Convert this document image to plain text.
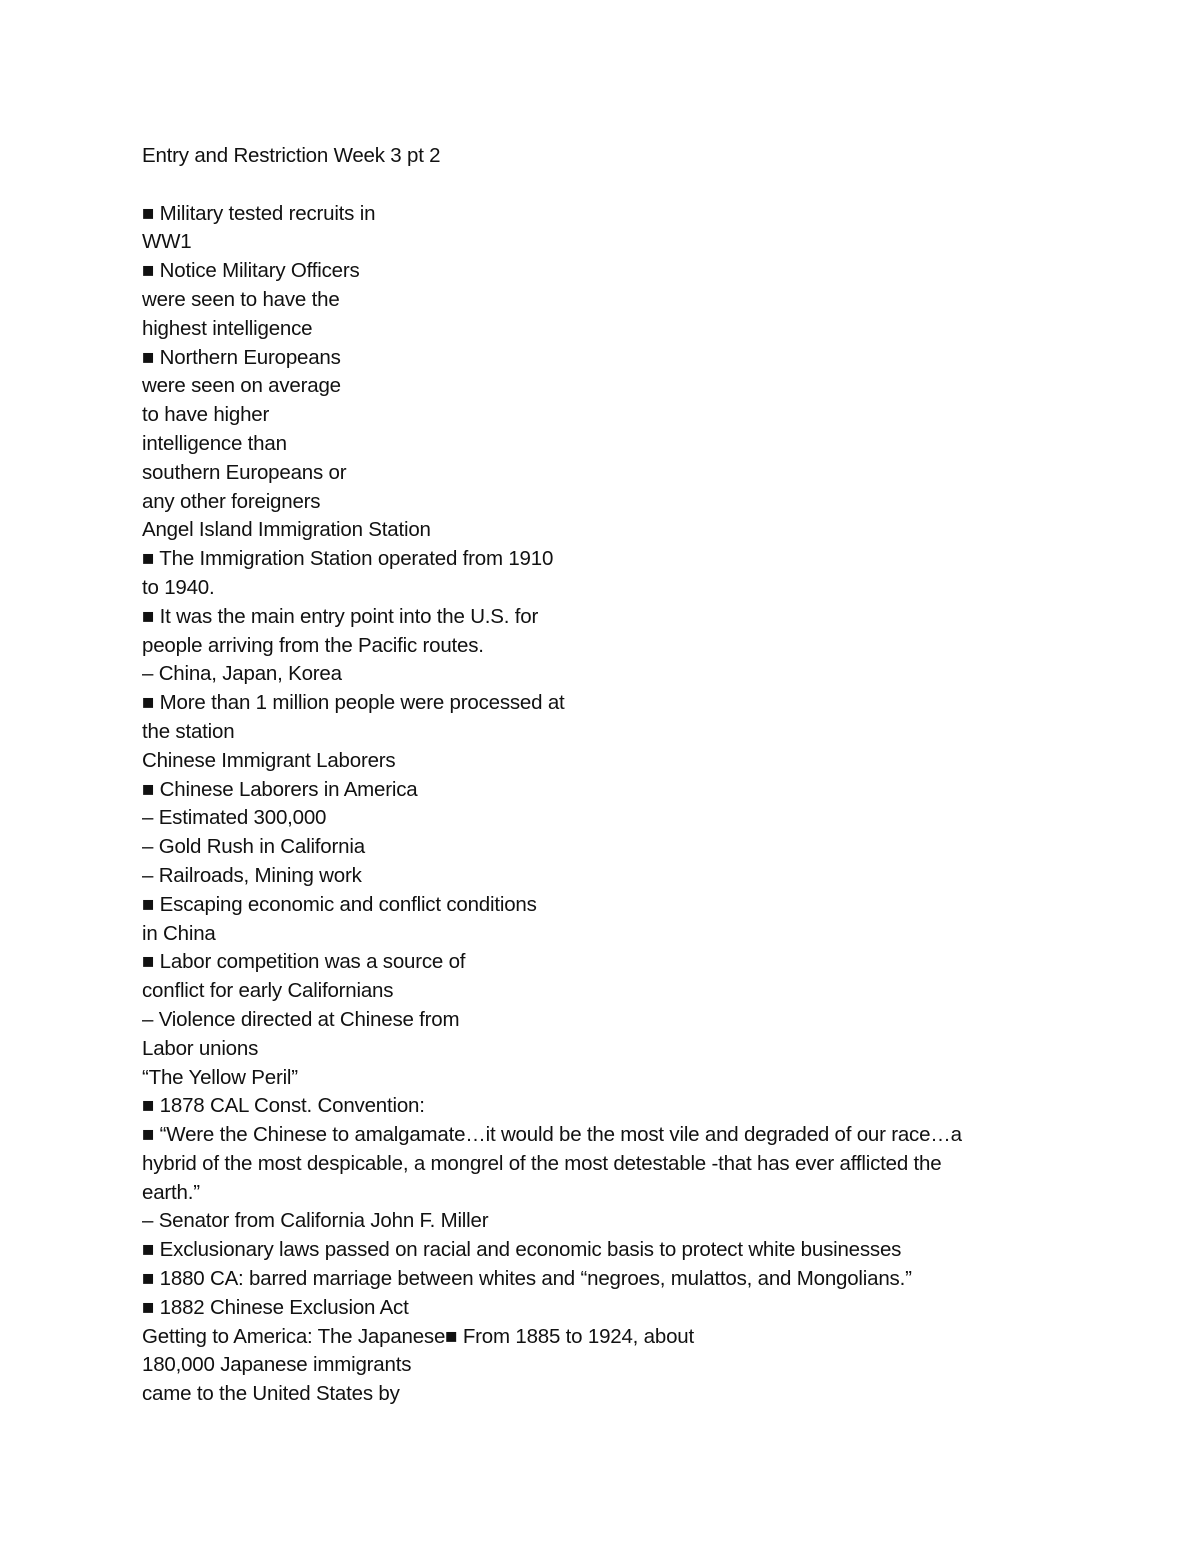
Entry and Restriction Week 3 pt 2
■ Military tested recruits in
WW1
■ Notice Military Officers
were seen to have the
highest intelligence
■ Northern Europeans
were seen on average
to have higher
intelligence than
southern Europeans or
any other foreigners
Angel Island Immigration Station
■ The Immigration Station operated from 1910
to 1940.
■ It was the main entry point into the U.S. for
people arriving from the Pacific routes.
– China, Japan, Korea
■ More than 1 million people were processed at
the station
Chinese Immigrant Laborers
■ Chinese Laborers in America
– Estimated 300,000
– Gold Rush in California
– Railroads, Mining work
■ Escaping economic and conflict conditions
in China
■ Labor competition was a source of
conflict for early Californians
– Violence directed at Chinese from
Labor unions
“The Yellow Peril”
■ 1878 CAL Const. Convention:
■ “Were the Chinese to amalgamate…it would be the most vile and degraded of our race…a
hybrid of the most despicable, a mongrel of the most detestable -that has ever afflicted the
earth.”
– Senator from California John F. Miller
■ Exclusionary laws passed on racial and economic basis to protect white businesses
■ 1880 CA: barred marriage between whites and “negroes, mulattos, and Mongolians.”
■ 1882 Chinese Exclusion Act
Getting to America: The Japanese■ From 1885 to 1924, about
180,000 Japanese immigrants
came to the United States by
